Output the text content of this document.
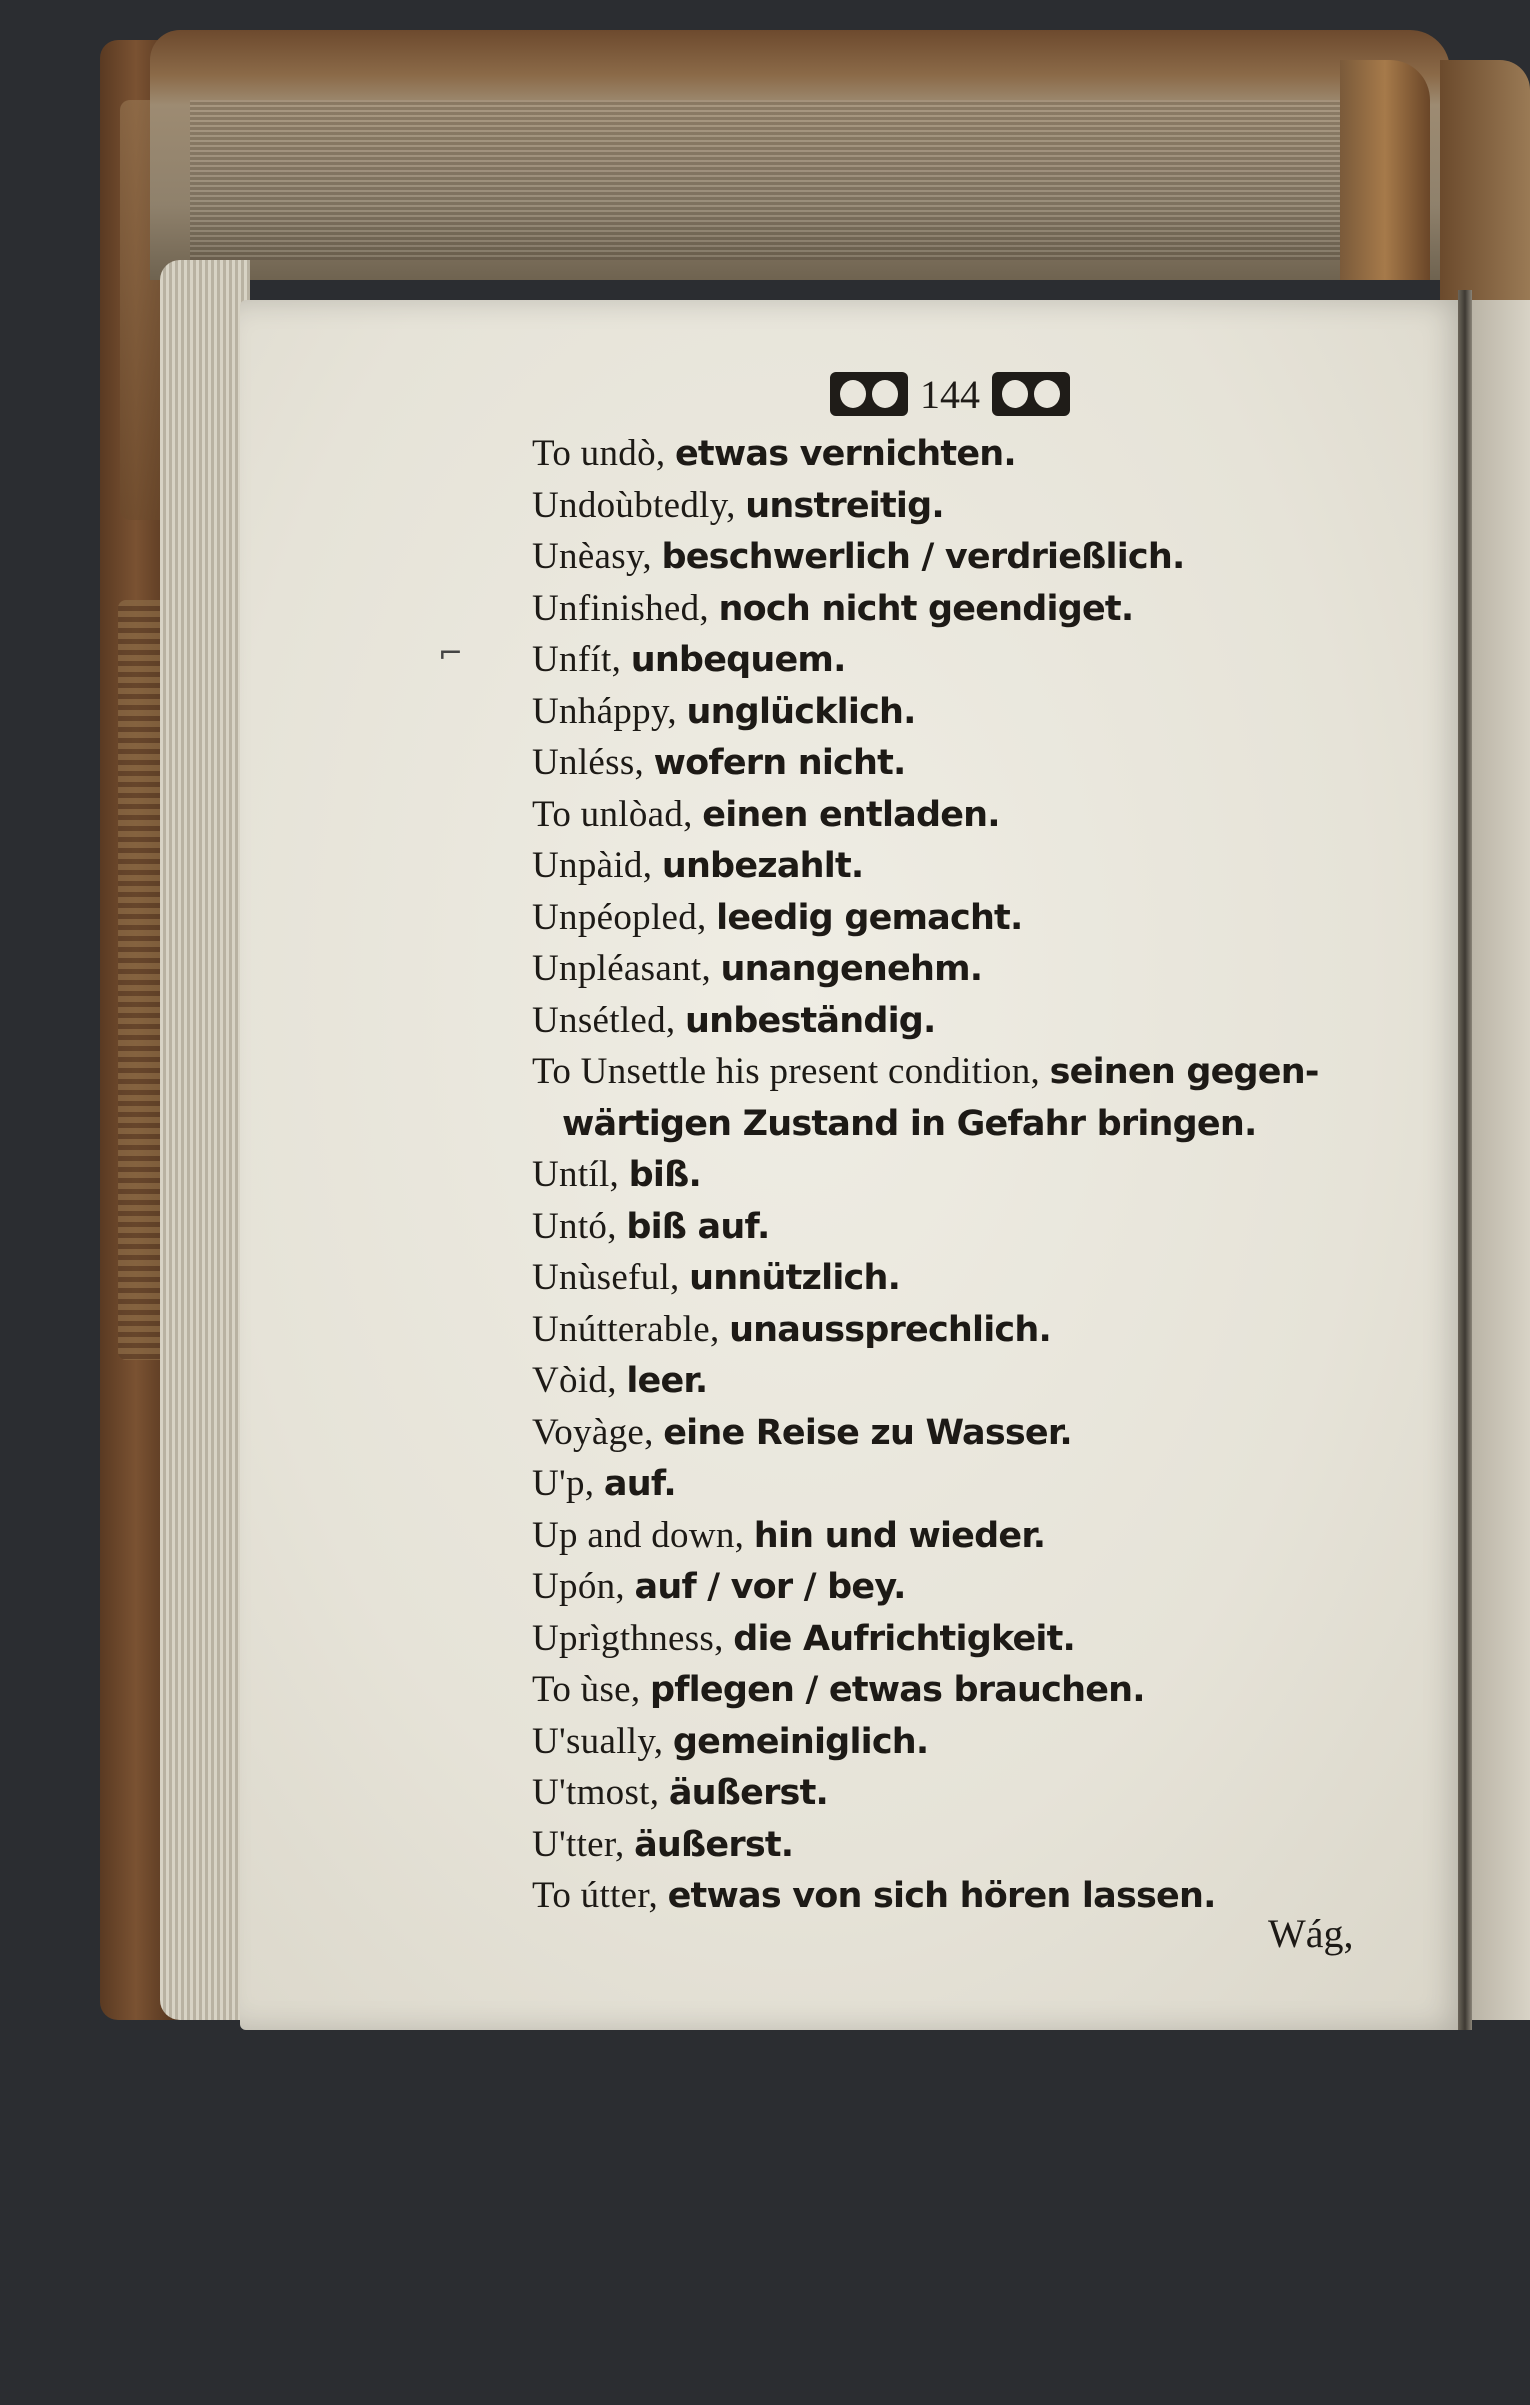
144
⌐
To undò, etwas vernichten.
Undoùbtedly, unstreitig.
Unèasy, beschwerlich / verdrießlich.
Unfinished, noch nicht geendiget.
Unfít, unbequem.
Unháppy, unglücklich.
Unléss, wofern nicht.
To unlòad, einen entladen.
Unpàid, unbezahlt.
Unpéopled, leedig gemacht.
Unpléasant, unangenehm.
Unsétled, unbeständig.
To Unsettle his present condition, seinen gegen-
wärtigen Zustand in Gefahr bringen.
Untíl, biß.
Untó, biß auf.
Unùseful, unnützlich.
Unútterable, unaussprechlich.
Vòid, leer.
Voyàge, eine Reise zu Wasser.
U'p, auf.
Up and down, hin und wieder.
Upón, auf / vor / bey.
Uprìgthness, die Aufrichtigkeit.
To ùse, pflegen / etwas brauchen.
U'sually, gemeiniglich.
U'tmost, äußerst.
U'tter, äußerst.
To útter, etwas von sich hören lassen.
Wág,
